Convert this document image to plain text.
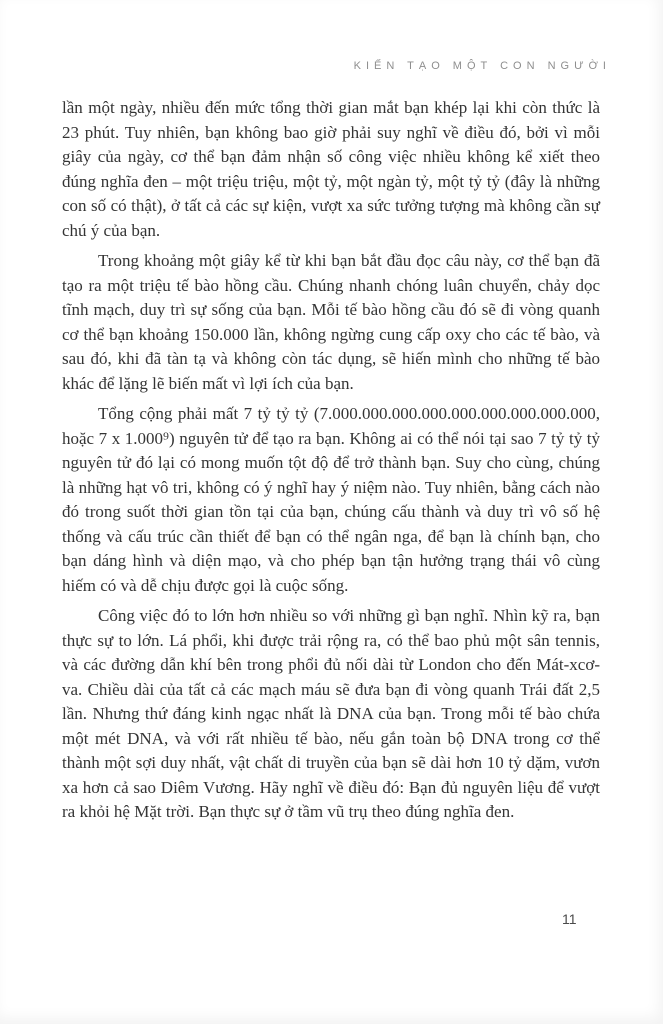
KIẾN TẠO MỘT CON NGƯỜI

lần một ngày, nhiều đến mức tổng thời gian mắt bạn khép lại khi còn thức là 23 phút. Tuy nhiên, bạn không bao giờ phải suy nghĩ về điều đó, bởi vì mỗi giây của ngày, cơ thể bạn đảm nhận số công việc nhiều không kể xiết theo đúng nghĩa đen – một triệu triệu, một tỷ, một ngàn tỷ, một tỷ tỷ (đây là những con số có thật), ở tất cả các sự kiện, vượt xa sức tưởng tượng mà không cần sự chú ý của bạn.

Trong khoảng một giây kể từ khi bạn bắt đầu đọc câu này, cơ thể bạn đã tạo ra một triệu tế bào hồng cầu. Chúng nhanh chóng luân chuyển, chảy dọc tĩnh mạch, duy trì sự sống của bạn. Mỗi tế bào hồng cầu đó sẽ đi vòng quanh cơ thể bạn khoảng 150.000 lần, không ngừng cung cấp oxy cho các tế bào, và sau đó, khi đã tàn tạ và không còn tác dụng, sẽ hiến mình cho những tế bào khác để lặng lẽ biến mất vì lợi ích của bạn.

Tổng cộng phải mất 7 tỷ tỷ tỷ (7.000.000.000.000.000.000.000.000.000, hoặc 7 x 1.000⁹) nguyên tử để tạo ra bạn. Không ai có thể nói tại sao 7 tỷ tỷ tỷ nguyên tử đó lại có mong muốn tột độ để trở thành bạn. Suy cho cùng, chúng là những hạt vô tri, không có ý nghĩ hay ý niệm nào. Tuy nhiên, bằng cách nào đó trong suốt thời gian tồn tại của bạn, chúng cấu thành và duy trì vô số hệ thống và cấu trúc cần thiết để bạn có thể ngân nga, để bạn là chính bạn, cho bạn dáng hình và diện mạo, và cho phép bạn tận hưởng trạng thái vô cùng hiếm có và dễ chịu được gọi là cuộc sống.

Công việc đó to lớn hơn nhiều so với những gì bạn nghĩ. Nhìn kỹ ra, bạn thực sự to lớn. Lá phổi, khi được trải rộng ra, có thể bao phủ một sân tennis, và các đường dẫn khí bên trong phổi đủ nối dài từ London cho đến Mát-xcơ-va. Chiều dài của tất cả các mạch máu sẽ đưa bạn đi vòng quanh Trái đất 2,5 lần. Nhưng thứ đáng kinh ngạc nhất là DNA của bạn. Trong mỗi tế bào chứa một mét DNA, và với rất nhiều tế bào, nếu gắn toàn bộ DNA trong cơ thể thành một sợi duy nhất, vật chất di truyền của bạn sẽ dài hơn 10 tỷ dặm, vươn xa hơn cả sao Diêm Vương. Hãy nghĩ về điều đó: Bạn đủ nguyên liệu để vượt ra khỏi hệ Mặt trời. Bạn thực sự ở tầm vũ trụ theo đúng nghĩa đen.

11
